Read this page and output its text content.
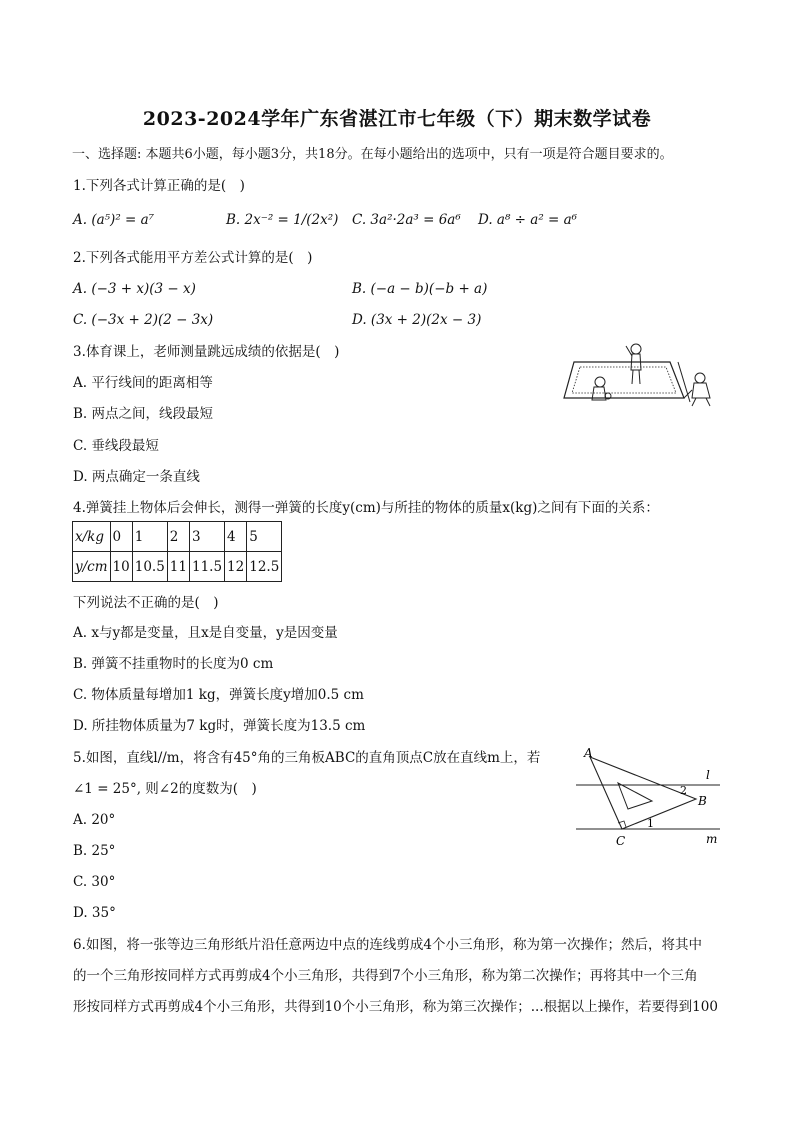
2023-2024学年广东省湛江市七年级（下）期末数学试卷
一、选择题: 本题共6小题，每小题3分，共18分。在每小题给出的选项中，只有一项是符合题目要求的。
1.下列各式计算正确的是(　)
A. (a⁵)² = a⁷	B. 2x⁻² = 1/(2x²) C. 3a²·2a³ = 6a⁶ D. a⁸ ÷ a² = a⁶
2.下列各式能用平方差公式计算的是(　)
A. (−3 + x)(3 − x)	B. (−a − b)(−b + a)
C. (−3x + 2)(2 − 3x)	D. (3x + 2)(2x − 3)
3.体育课上，老师测量跳远成绩的依据是(　)
A. 平行线间的距离相等
B. 两点之间，线段最短
C. 垂线段最短
D. 两点确定一条直线
4.弹簧挂上物体后会伸长，测得一弹簧的长度y(cm)与所挂的物体的质量x(kg)之间有下面的关系：
x/kg	0	1	2	3	4	5
y/cm	10	10.5	11	11.5	12	12.5
下列说法不正确的是(　)
A. x与y都是变量，且x是自变量，y是因变量
B. 弹簧不挂重物时的长度为0 cm
C. 物体质量每增加1 kg，弹簧长度y增加0.5 cm
D. 所挂物体质量为7 kg时，弹簧长度为13.5 cm
5.如图，直线l//m，将含有45°角的三角板ABC的直角顶点C放在直线m上，若
∠1 = 25°, 则∠2的度数为(　)
A. 20°
B. 25°
C. 30°
D. 35°
A
B
C
l
m
1
2
6.如图，将一张等边三角形纸片沿任意两边中点的连线剪成4个小三角形，称为第一次操作；然后，将其中
的一个三角形按同样方式再剪成4个小三角形，共得到7个小三角形，称为第二次操作；再将其中一个三角
形按同样方式再剪成4个小三角形，共得到10个小三角形，称为第三次操作；...根据以上操作，若要得到100
